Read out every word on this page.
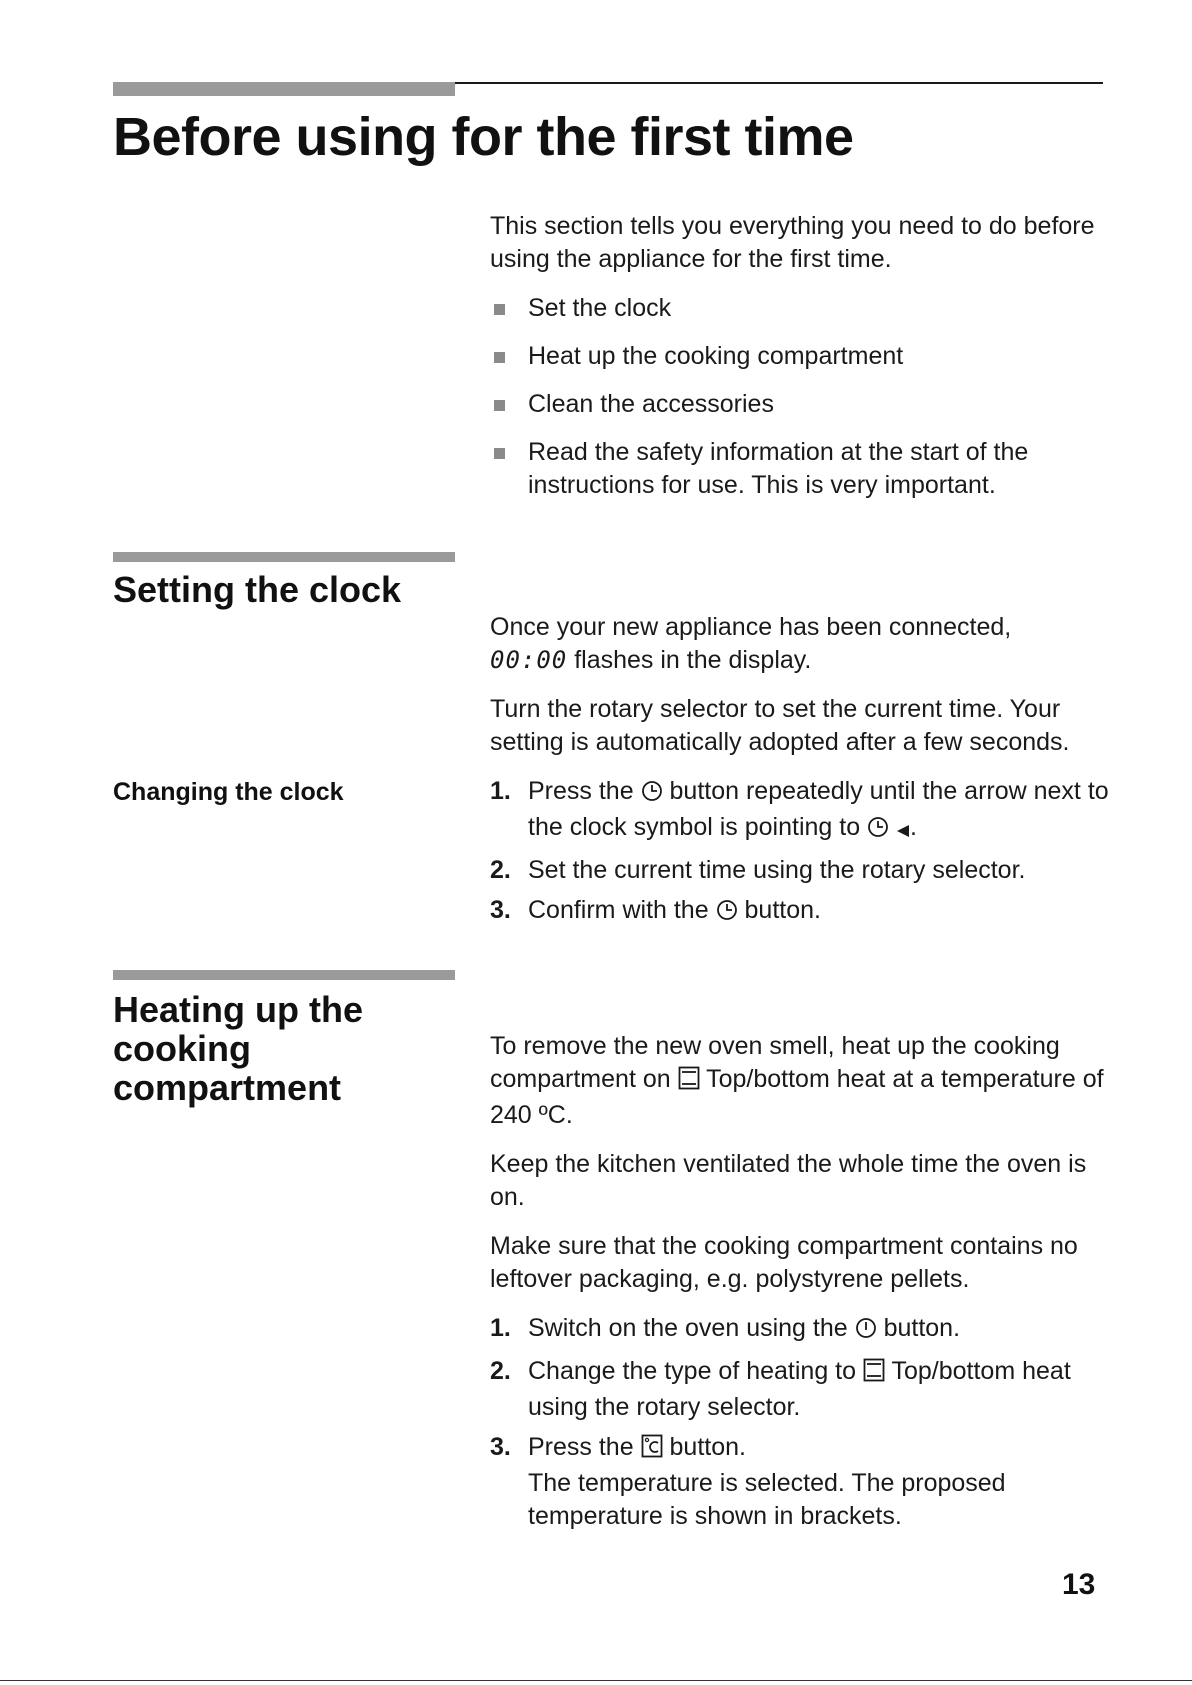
Before using for the first time

This section tells you everything you need to do before using the appliance for the first time.

Set the clock
Heat up the cooking compartment
Clean the accessories
Read the safety information at the start of the instructions for use. This is very important.
Setting the clock

Once your new appliance has been connected,
00:00 flashes in the display.

Turn the rotary selector to set the current time. Your setting is automatically adopted after a few seconds.

1. Press the button repeatedly until the arrow next to the clock symbol is pointing to .
2. Set the current time using the rotary selector.
3. Confirm with the button.
Changing the clock
Heating up the
cooking
compartment

To remove the new oven smell, heat up the cooking compartment on Top/bottom heat at a temperature of 240 ºC.

Keep the kitchen ventilated the whole time the oven is on.

Make sure that the cooking compartment contains no leftover packaging, e.g. polystyrene pellets.

1. Switch on the oven using the button.
2. Change the type of heating to Top/bottom heat using the rotary selector.
3. Press the button.
The temperature is selected. The proposed temperature is shown in brackets.
13
